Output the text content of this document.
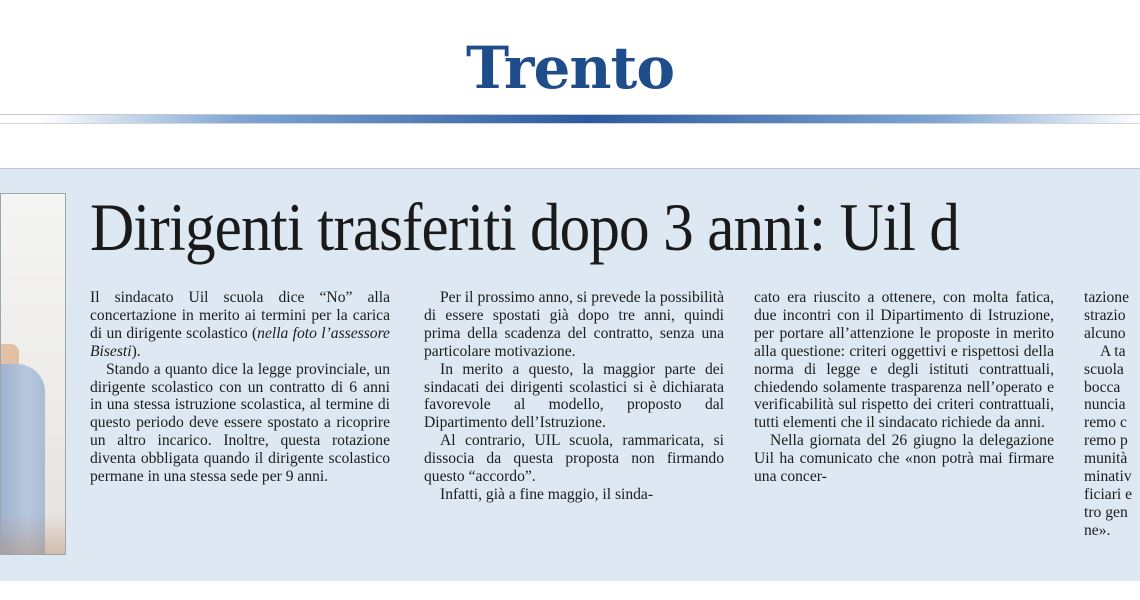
Trento
Dirigenti trasferiti dopo 3 anni: Uil d

Il sindacato Uil scuola dice “No” alla concertazione in merito ai termini per la carica di un dirigente scolastico (nella foto l’assessore Bisesti).

Stando a quanto dice la legge provinciale, un dirigente scolastico con un contratto di 6 anni in una stessa istruzione scolastica, al termine di questo periodo deve essere spostato a ricoprire un altro incarico. Inoltre, questa rotazione diventa obbligata quando il dirigente scolastico permane in una stessa sede per 9 anni.

Per il prossimo anno, si prevede la possibilità di essere spostati già dopo tre anni, quindi prima della scadenza del contratto, senza una particolare motivazione.

In merito a questo, la maggior parte dei sindacati dei dirigenti scolastici si è dichiarata favorevole al modello, proposto dal Dipartimento dell’Istruzione.

Al contrario, UIL scuola, rammaricata, si dissocia da questa proposta non firmando questo “accordo”.

Infatti, già a fine maggio, il sinda-

cato era riuscito a ottenere, con molta fatica, due incontri con il Dipartimento di Istruzione, per portare all’attenzione le proposte in merito alla questione: criteri oggettivi e rispettosi della norma di legge e degli istituti contrattuali, chiedendo solamente trasparenza nell’operato e verificabilità sul rispetto dei criteri contrattuali, tutti elementi che il sindacato richiede da anni.

Nella giornata del 26 giugno la delegazione Uil ha comunicato che «non potrà mai firmare una concer-

tazione
strazio
alcuno
A ta
scuola
bocca
nuncia
remo c
remo p
munità
minativ
ficiari e
tro gen
ne».
